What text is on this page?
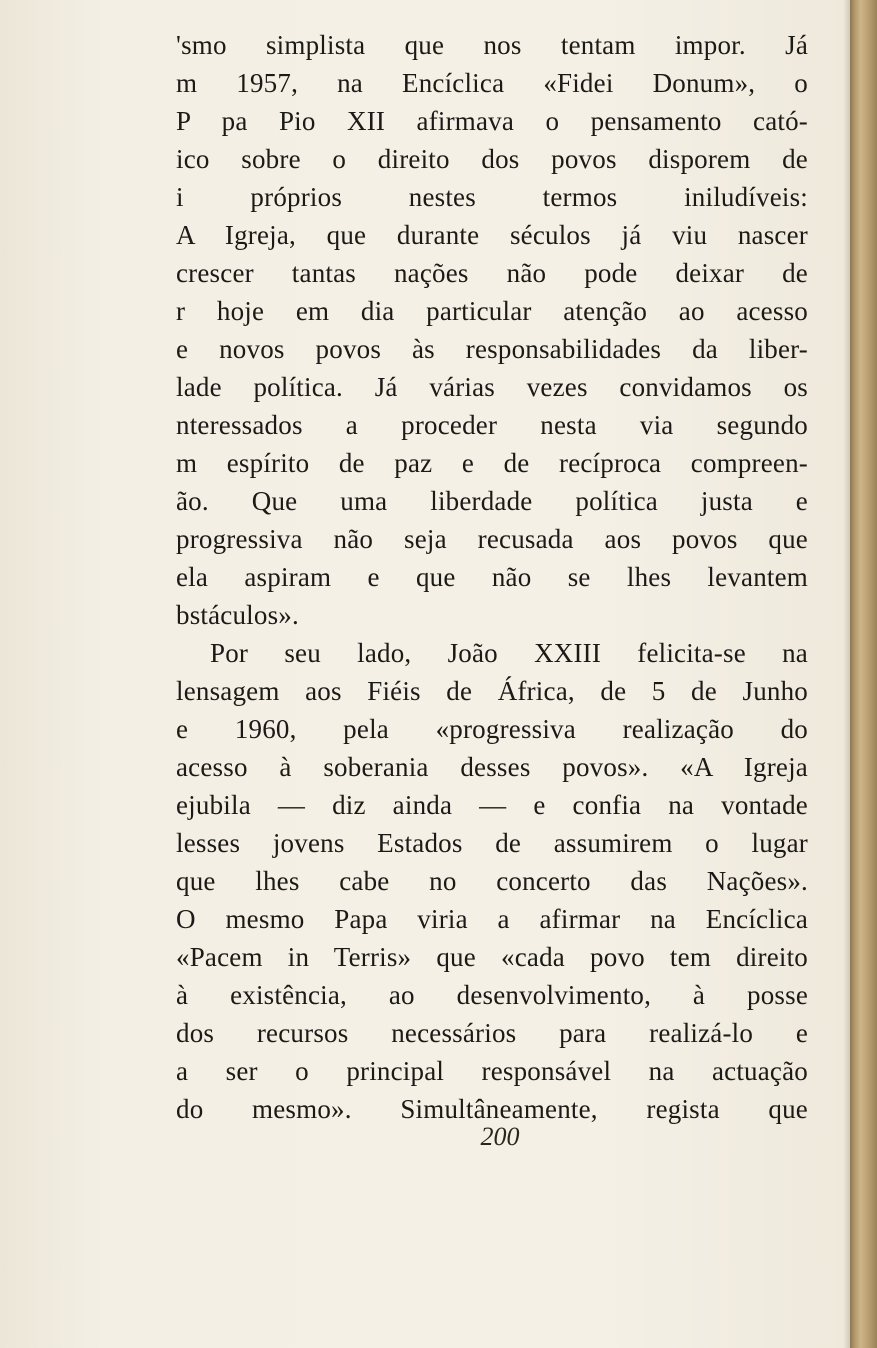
'smo simplista que nos tentam impor. Já
m 1957, na Encíclica «Fidei Donum», o
P pa Pio XII afirmava o pensamento cató-
ico sobre o direito dos povos disporem de
i próprios nestes termos iniludíveis:
A Igreja, que durante séculos já viu nascer
crescer tantas nações não pode deixar de
r hoje em dia particular atenção ao acesso
e novos povos às responsabilidades da liber-
lade política. Já várias vezes convidamos os
nteressados a proceder nesta via segundo
m espírito de paz e de recíproca compreen-
ão. Que uma liberdade política justa e
progressiva não seja recusada aos povos que
ela aspiram e que não se lhes levantem
bstáculos».
Por seu lado, João XXIII felicita-se na
lensagem aos Fiéis de África, de 5 de Junho
e 1960, pela «progressiva realização do
acesso à soberania desses povos». «A Igreja
ejubila — diz ainda — e confia na vontade
lesses jovens Estados de assumirem o lugar
que lhes cabe no concerto das Nações».
O mesmo Papa viria a afirmar na Encíclica
«Pacem in Terris» que «cada povo tem direito
à existência, ao desenvolvimento, à posse
dos recursos necessários para realizá-lo e
a ser o principal responsável na actuação
do mesmo». Simultâneamente, regista que
200
